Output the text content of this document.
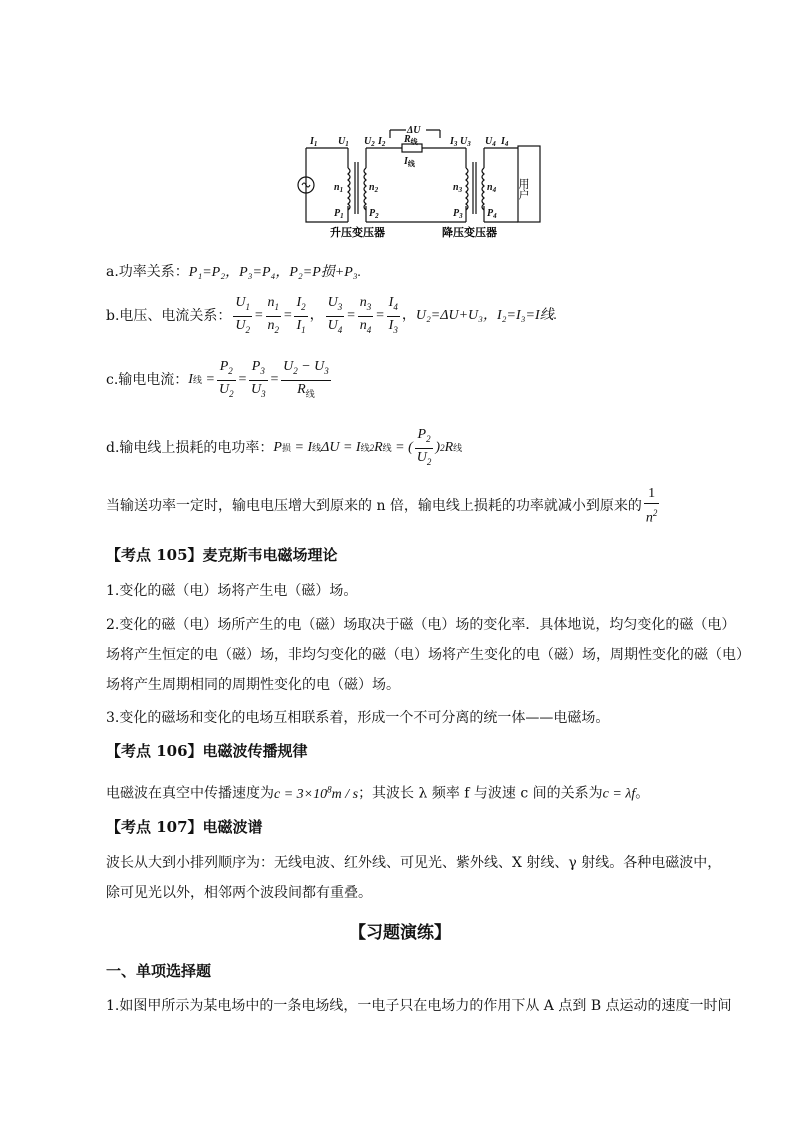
$I_1$ $U_1$ $U_2$ $I_2$
ΔU
$R_线$
$I_线$
$I_3$ $U_3$ $U_4$ $I_4$
$n_1$	$n_2$	$n_3$ $n_4$
$P_1$	$P_2$	$P_3$ $P_4$
用户
升压变压器	降压变压器
a.功率关系：P₁=P₂，P₃=P₄，P₂=P损+P₃.
b.电压、电流关系： $\frac{U_1}{U_2} = \frac{n_1}{n_2} = \frac{I_2}{I_1}$ ， $\frac{U_3}{U_4} = \frac{n_3}{n_4} = \frac{I_4}{I_3}$ ， U₂=ΔU+U₃，I₂=I₃=I线.
c.输电电流： I 线 = $\frac{P_2}{U_2} = \frac{P_3}{U_3} = \frac{U_2 - U_3}{R_线}$
d.输电线上损耗的电功率： P 损 = I 线 ΔU = I 线 2 R 线 = ( $\frac{P_2}{U_2}$ ) 2 R 线
当输送功率一定时，输电电压增大到原来的 n 倍，输电线上损耗的功率就减小到原来的 $\frac{1}{n^2}$
【考点 105】麦克斯韦电磁场理论
1.变化的磁（电）场将产生电（磁）场。
2.变化的磁（电）场所产生的电（磁）场取决于磁（电）场的变化率．具体地说，均匀变化的磁（电）
场将产生恒定的电（磁）场，非均匀变化的磁（电）场将产生变化的电（磁）场，周期性变化的磁（电）
场将产生周期相同的周期性变化的电（磁）场。
3.变化的磁场和变化的电场互相联系着，形成一个不可分离的统一体——电磁场。
【考点 106】电磁波传播规律
电磁波在真空中传播速度为$c = 3\times 10^8m / s$；其波长 λ 频率 f 与波速 c 间的关系为c = λf。
【考点 107】电磁波谱
波长从大到小排列顺序为：无线电波、红外线、可见光、紫外线、X 射线、γ 射线。各种电磁波中，
除可见光以外，相邻两个波段间都有重叠。
【习题演练】
一、单项选择题
1.如图甲所示为某电场中的一条电场线，一电子只在电场力的作用下从 A 点到 B 点运动的速度一时间
